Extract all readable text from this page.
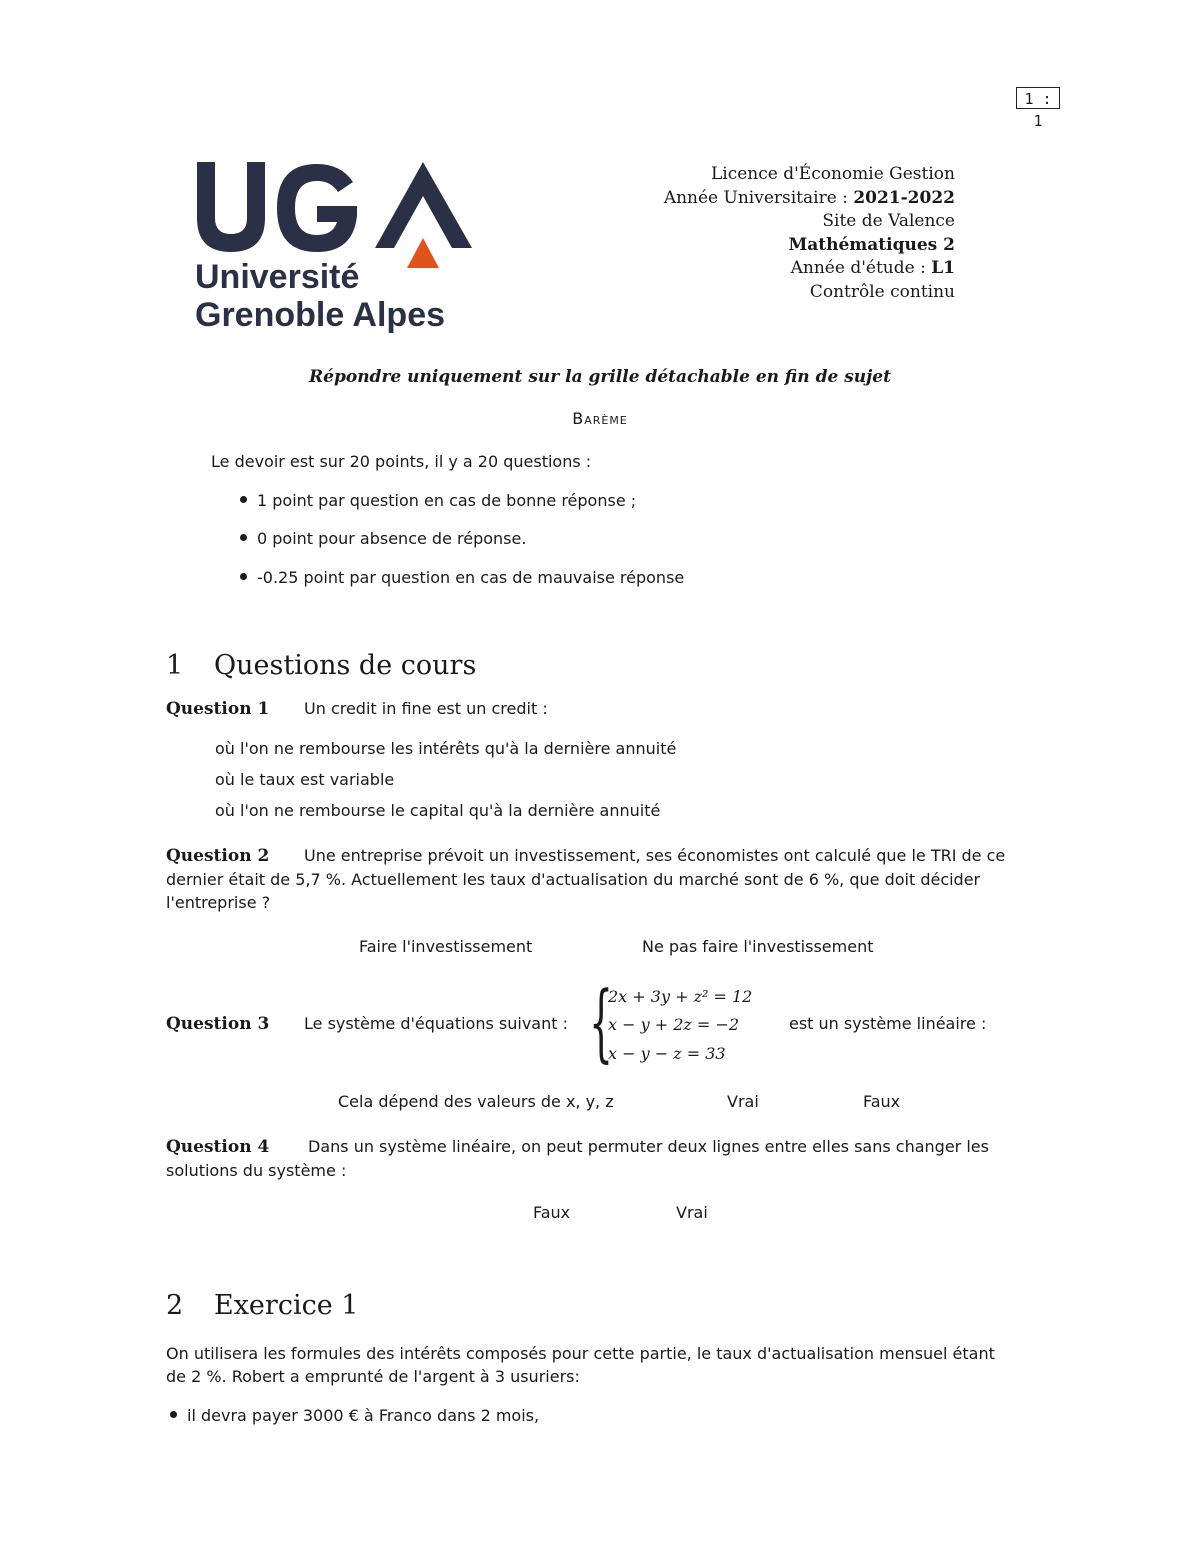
1 : 1
Université
Grenoble Alpes
Licence d'Économie Gestion
Année Universitaire : 2021-2022
Site de Valence
Mathématiques 2
Année d'étude : L1
Contrôle continu
Répondre uniquement sur la grille détachable en fin de sujet
Barème
Le devoir est sur 20 points, il y a 20 questions :
1 point par question en cas de bonne réponse ;
0 point pour absence de réponse.
-0.25 point par question en cas de mauvaise réponse
1 Questions de cours
Question 1 Un credit in fine est un credit :
où l'on ne rembourse les intérêts qu'à la dernière annuité
où le taux est variable
où l'on ne rembourse le capital qu'à la dernière annuité
Question 2 Une entreprise prévoit un investissement, ses économistes ont calculé que le TRI de ce
dernier était de 5,7 %. Actuellement les taux d'actualisation du marché sont de 6 %, que doit décider
l'entreprise ?
Faire l'investissement	Ne pas faire l'investissement
Question 3 Le système d'équations suivant : {
2x + 3y + z² = 12
x − y + 2z = −2
x − y − z = 33
est un système linéaire :
Cela dépend des valeurs de x, y, z	Vrai	Faux
Question 4 Dans un système linéaire, on peut permuter deux lignes entre elles sans changer les
solutions du système :
Faux	Vrai
2 Exercice 1
On utilisera les formules des intérêts composés pour cette partie, le taux d'actualisation mensuel étant
de 2 %. Robert a emprunté de l'argent à 3 usuriers:
il devra payer 3000 € à Franco dans 2 mois,
